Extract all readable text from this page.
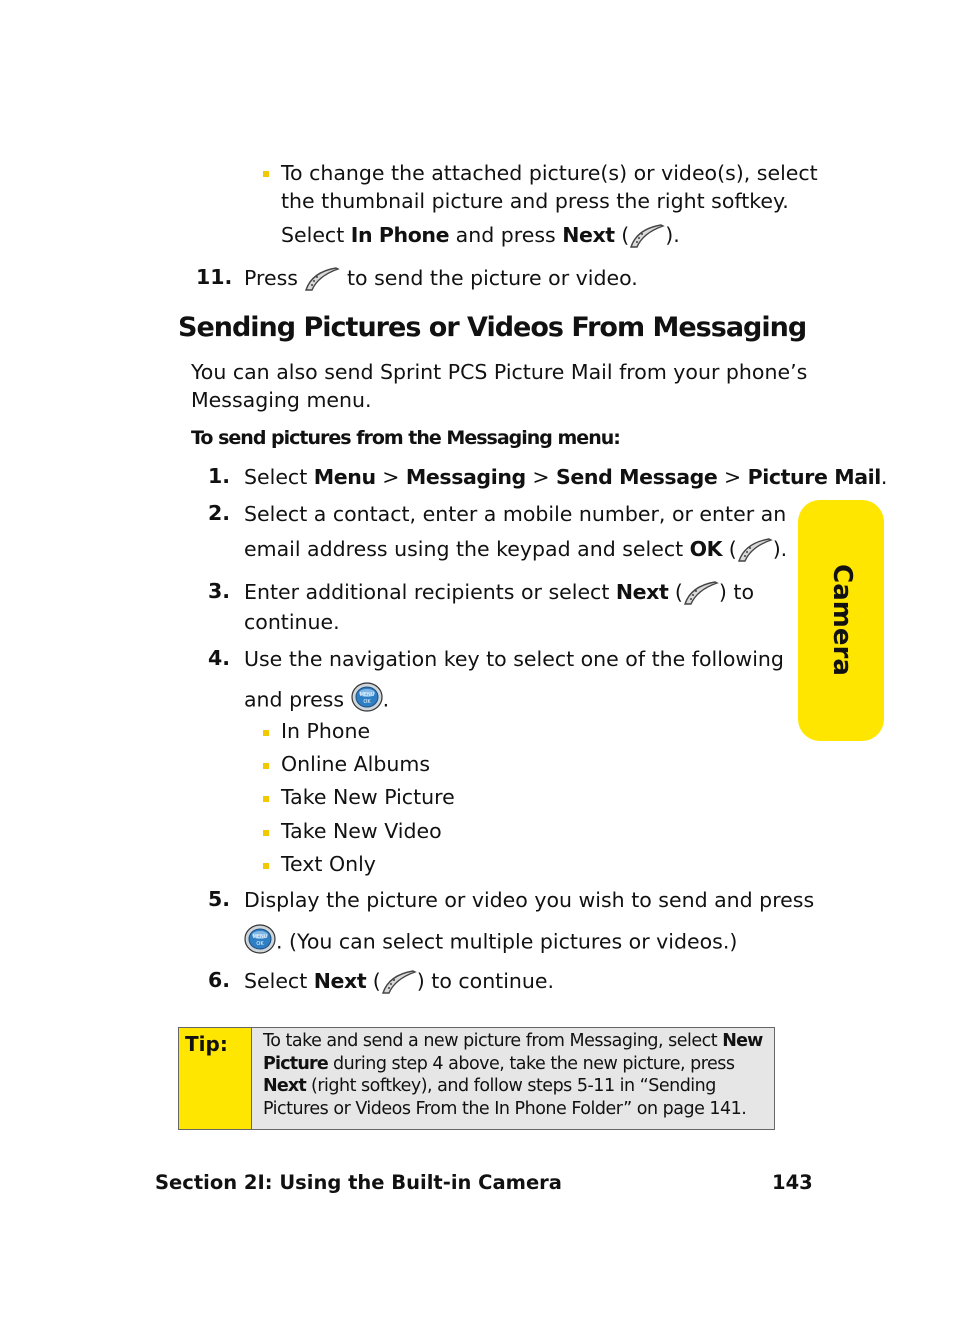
To change the attached picture(s) or video(s), select
the thumbnail picture and press the right softkey.
Select In Phone and press Next ( ).
11. Press
to send the picture or video.
Sending Pictures or Videos From Messaging
You can also send Sprint PCS Picture Mail from your phone’s
Messaging menu.
To send pictures from the Messaging menu:
1. Select Menu > Messaging > Send Message > Picture Mail.
2. Select a contact, enter a mobile number, or enter an
email address using the keypad and select OK ( ).
3. Enter additional recipients or select Next ( ) to
continue.
4. Use the navigation key to select one of the following
and press MENU
OK .
In Phone
Online Albums
Take New Picture
Take New Video
Text Only
5. Display the picture or video you wish to send and press
MENU
OK . (You can select multiple pictures or videos.)
6. Select Next ( ) to continue.
Camera
Tip: To take and send a new picture from Messaging, select New Picture during step 4 above, take the new picture, press Next (right softkey), and follow steps 5-11 in “Sending Pictures or Videos From the In Phone Folder” on page 141.
Section 2I: Using the Built-in Camera	143
